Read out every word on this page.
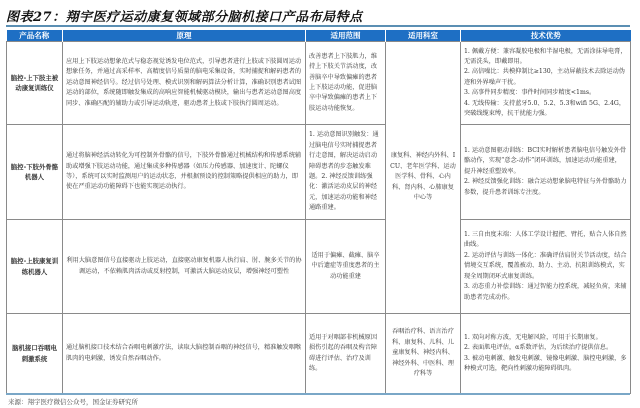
图表27：翔宇医疗运动康复领域部分脑机接口产品布局特点
产品名称	原理	适用范围	适用科室	技术优势
脑控-上下肢主被动康复训练仪	应用上下肢运动想象范式与稳态视觉诱发电位范式，引导患者进行上肢或下肢圆周运动想象任务，并通过高采样率、高精度信号质量的脑电采集设备，实时捕捉和解码患者的运动意图神经信号。经过信号处理、模式识别和解码算法分析计算，准确识别患者试图运动的部位，系统随即触发集成的高响应智能机械驱动模块，输出与患者运动意图高度同步、准确匹配的辅助力或引导运动轨迹，驱动患者上肢或下肢执行圆周运动。	改善患者上下肢肌力，维持上下肢关节活动度，改善脑卒中导致偏瘫的患者上下肢运动功能，促进脑卒中导致偏瘫的患者上下肢运动功能恢复。	康复科、神经内外科、ICU、老年医学科、运动医学科、骨科、心内科、肾内科、心肺康复中心等	1. 佩戴方便：兼容凝胶电极和半湿电极，无需涂抹导电膏，无需洗头，即戴即用。
2. 高信噪比：共模抑制比≥130，主动屏蔽技术去除运动伪迹和外界噪声干扰。
3. 高事件同步精度：事件时间同步精度<1ms。
4. 无线传输：支持蓝牙5.0、5.2、5.3和wifi 5G、2.4G，突破线缆束缚，抗干扰能力强。

脑控-下肢外骨骼机器人	通过将脑神经活动转化为可控制外骨骼的信号，下肢外骨骼通过机械结构和传感系统辅助或增强下肢运动功能，通过集成多种传感器（如压力传感器、加速度计、陀螺仪等），系统可以实时监测用户的运动状态，并根据预设的控制策略提供相应的助力，即使在严重运动功能障碍下也能实现运动执行。	1. 运动意图识别触发：通过脑电信号实时捕捉患者行走意图，解决运动启动障碍患者的步态触发难题。2. 神经反馈训练强化：激活运动皮层的神经元，加速运动功能和神经通路重建。		1. 运动意图驱动训练：BCI实时解析患者脑电信号触发外骨骼动作，实现“意念-动作”闭环训练，加速运动功能重建，提升神经重塑效率。
2. 神经反馈强化训练：融合运动想象脑电特征与外骨骼助力参数，提升患者训练专注度。

脑控-上肢康复训练机器人	利用大脑意图信号直接驱动上肢运动，直接驱动康复机器人执行肩、肘、腕多关节的协调运动，不依赖肌肉活动或反射控制，可激活大脑运动皮层，增强神经可塑性	适用于偏瘫、截瘫、脑卒中后遗症等重度患者的主动功能重建		1. 三自由度末端：人体工学设计握把、臂托，贴合人体自然曲线。
2. 运动评估与训练一体化：准确评估肩肘关节活动度，结合情境交互系统，覆盖被动、助力、主动、抗阻训练模式，实现全周期闭环式康复训练。
3. 动态重力补偿训练：通过智能力控系统，减轻负荷，来辅助患者完成动作。

脑机接口吞咽电刺激系统	通过脑机接口技术结合吞咽电刺激疗法，读取大脑控制吞咽的神经信号，精准触发咽喉肌肉的电刺激，诱发自然吞咽动作。	适用于对咽部非机械原因损伤引起的吞咽及构音障碍进行评估、治疗及训练。	吞咽治疗科、语言治疗科、康复科、儿科、儿童康复科、神经内科、神经外科、中医科、理疗科等	1. 双向对称方波，无电解风险，可用于长期康复。
2. 表面肌电评估，α系数评估，为后续治疗提供信息。
3. 被动电刺激、触发电刺激、镜像电刺激、脑控电刺激，多种模式可选，靶向性刺激功能障碍肌肉。
来源：翔宇医疗微信公众号，国金证券研究所
